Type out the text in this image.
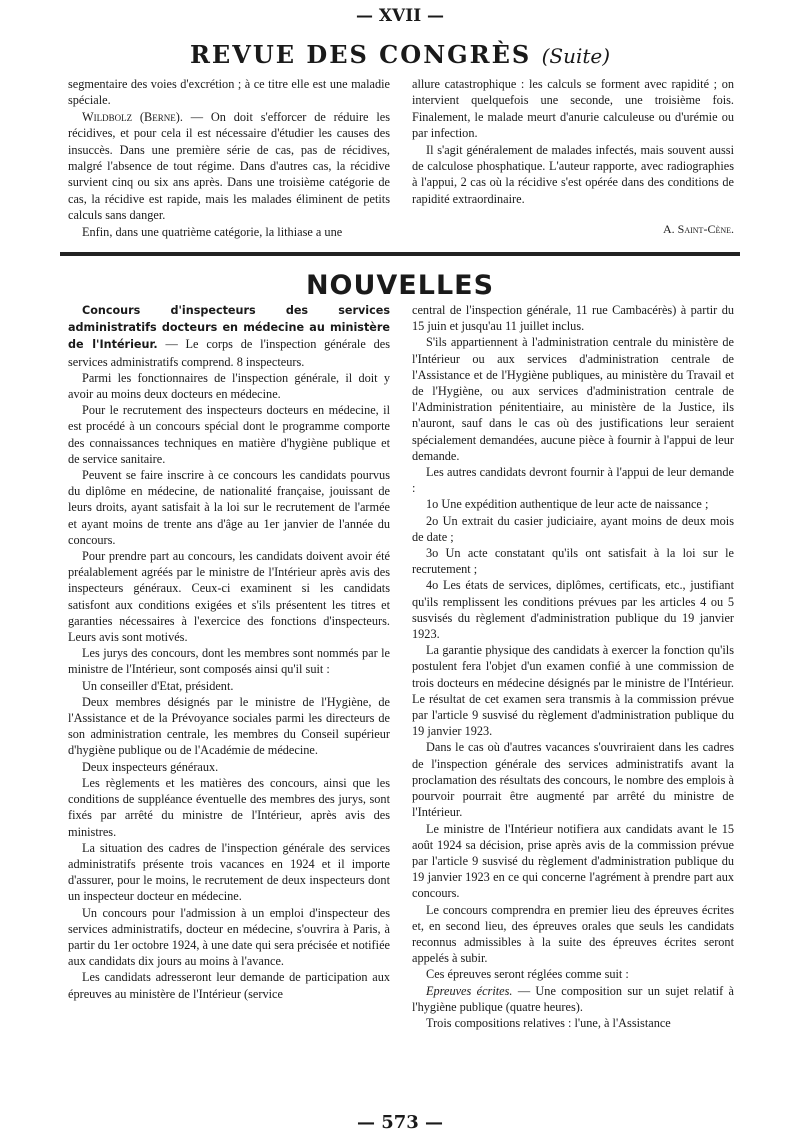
— XVII —
REVUE DES CONGRÈS (Suite)

segmentaire des voies d'excrétion ; à ce titre elle est une maladie spéciale.

Wildbolz (Berne). — On doit s'efforcer de réduire les récidives, et pour cela il est nécessaire d'étudier les causes des insuccès. Dans une première série de cas, pas de récidives, malgré l'absence de tout régime. Dans d'autres cas, la récidive survient cinq ou six ans après. Dans une troisième catégorie de cas, la récidive est rapide, mais les malades éliminent de petits calculs sans danger.

Enfin, dans une quatrième catégorie, la lithiase a une

allure catastrophique : les calculs se forment avec rapidité ; on intervient quelquefois une seconde, une troisième fois. Finalement, le malade meurt d'anurie calculeuse ou d'urémie ou par infection.

Il s'agit généralement de malades infectés, mais souvent aussi de calculose phosphatique. L'auteur rapporte, avec radiographies à l'appui, 2 cas où la récidive s'est opérée dans des conditions de rapidité extraordinaire.

A. Saint-Cène.

NOUVELLES

Concours d'inspecteurs des services administratifs docteurs en médecine au ministère de l'Intérieur. — Le corps de l'inspection générale des services administratifs comprend. 8 inspecteurs.

Parmi les fonctionnaires de l'inspection générale, il doit y avoir au moins deux docteurs en médecine.

Pour le recrutement des inspecteurs docteurs en médecine, il est procédé à un concours spécial dont le programme comporte des connaissances techniques en matière d'hygiène publique et de service sanitaire.

Peuvent se faire inscrire à ce concours les candidats pourvus du diplôme en médecine, de nationalité française, jouissant de leurs droits, ayant satisfait à la loi sur le recrutement de l'armée et ayant moins de trente ans d'âge au 1er janvier de l'année du concours.

Pour prendre part au concours, les candidats doivent avoir été préalablement agréés par le ministre de l'Intérieur après avis des inspecteurs généraux. Ceux-ci examinent si les candidats satisfont aux conditions exigées et s'ils présentent les titres et garanties nécessaires à l'exercice des fonctions d'inspecteurs. Leurs avis sont motivés.

Les jurys des concours, dont les membres sont nommés par le ministre de l'Intérieur, sont composés ainsi qu'il suit :

Un conseiller d'Etat, président.

Deux membres désignés par le ministre de l'Hygiène, de l'Assistance et de la Prévoyance sociales parmi les directeurs de son administration centrale, les membres du Conseil supérieur d'hygiène publique ou de l'Académie de médecine.

Deux inspecteurs généraux.

Les règlements et les matières des concours, ainsi que les conditions de suppléance éventuelle des membres des jurys, sont fixés par arrêté du ministre de l'Intérieur, après avis des ministres.

La situation des cadres de l'inspection générale des services administratifs présente trois vacances en 1924 et il importe d'assurer, pour le moins, le recrutement de deux inspecteurs dont un inspecteur docteur en médecine.

Un concours pour l'admission à un emploi d'inspecteur des services administratifs, docteur en médecine, s'ouvrira à Paris, à partir du 1er octobre 1924, à une date qui sera précisée et notifiée aux candidats dix jours au moins à l'avance.

Les candidats adresseront leur demande de participation aux épreuves au ministère de l'Intérieur (service

central de l'inspection générale, 11 rue Cambacérès) à partir du 15 juin et jusqu'au 11 juillet inclus.

S'ils appartiennent à l'administration centrale du ministère de l'Intérieur ou aux services d'administration centrale de l'Assistance et de l'Hygiène publiques, au ministère du Travail et de l'Hygiène, ou aux services d'administration centrale de l'Administration pénitentiaire, au ministère de la Justice, ils n'auront, sauf dans le cas où des justifications leur seraient spécialement demandées, aucune pièce à fournir à l'appui de leur demande.

Les autres candidats devront fournir à l'appui de leur demande :

1o Une expédition authentique de leur acte de naissance ;

2o Un extrait du casier judiciaire, ayant moins de deux mois de date ;

3o Un acte constatant qu'ils ont satisfait à la loi sur le recrutement ;

4o Les états de services, diplômes, certificats, etc., justifiant qu'ils remplissent les conditions prévues par les articles 4 ou 5 susvisés du règlement d'administration publique du 19 janvier 1923.

La garantie physique des candidats à exercer la fonction qu'ils postulent fera l'objet d'un examen confié à une commission de trois docteurs en médecine désignés par le ministre de l'Intérieur. Le résultat de cet examen sera transmis à la commission prévue par l'article 9 susvisé du règlement d'administration publique du 19 janvier 1923.

Dans le cas où d'autres vacances s'ouvriraient dans les cadres de l'inspection générale des services administratifs avant la proclamation des résultats des concours, le nombre des emplois à pourvoir pourrait être augmenté par arrêté du ministre de l'Intérieur.

Le ministre de l'Intérieur notifiera aux candidats avant le 15 août 1924 sa décision, prise après avis de la commission prévue par l'article 9 susvisé du règlement d'administration publique du 19 janvier 1923 en ce qui concerne l'agrément à prendre part aux concours.

Le concours comprendra en premier lieu des épreuves écrites et, en second lieu, des épreuves orales que seuls les candidats reconnus admissibles à la suite des épreuves écrites seront appelés à subir.

Ces épreuves seront réglées comme suit :

Epreuves écrites. — Une composition sur un sujet relatif à l'hygiène publique (quatre heures).

Trois compositions relatives : l'une, à l'Assistance

— 573 —
